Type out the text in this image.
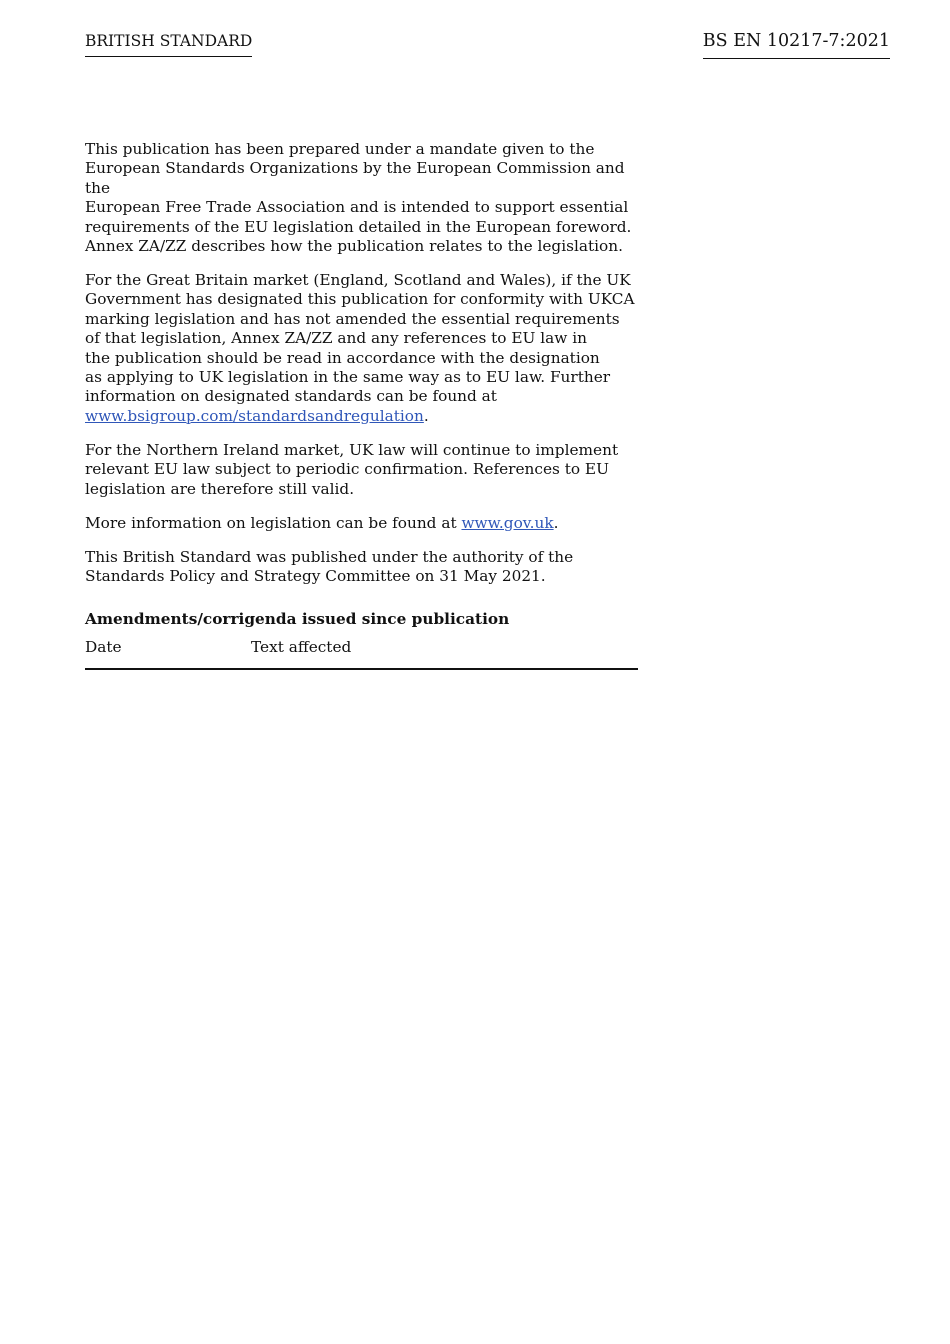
BRITISH STANDARD	BS EN 10217-7:2021

This publication has been prepared under a mandate given to the
European Standards Organizations by the European Commission and the
European Free Trade Association and is intended to support essential
requirements of the EU legislation detailed in the European foreword.
Annex ZA/ZZ describes how the publication relates to the legislation.

For the Great Britain market (England, Scotland and Wales), if the UK
Government has designated this publication for conformity with UKCA
marking legislation and has not amended the essential requirements
of that legislation, Annex ZA/ZZ and any references to EU law in
the publication should be read in accordance with the designation
as applying to UK legislation in the same way as to EU law. Further
information on designated standards can be found at
www.bsigroup.com/standardsandregulation.

For the Northern Ireland market, UK law will continue to implement
relevant EU law subject to periodic confirmation. References to EU
legislation are therefore still valid.

More information on legislation can be found at www.gov.uk.

This British Standard was published under the authority of the
Standards Policy and Strategy Committee on 31 May 2021.

Amendments/corrigenda issued since publication
Date	Text affected
